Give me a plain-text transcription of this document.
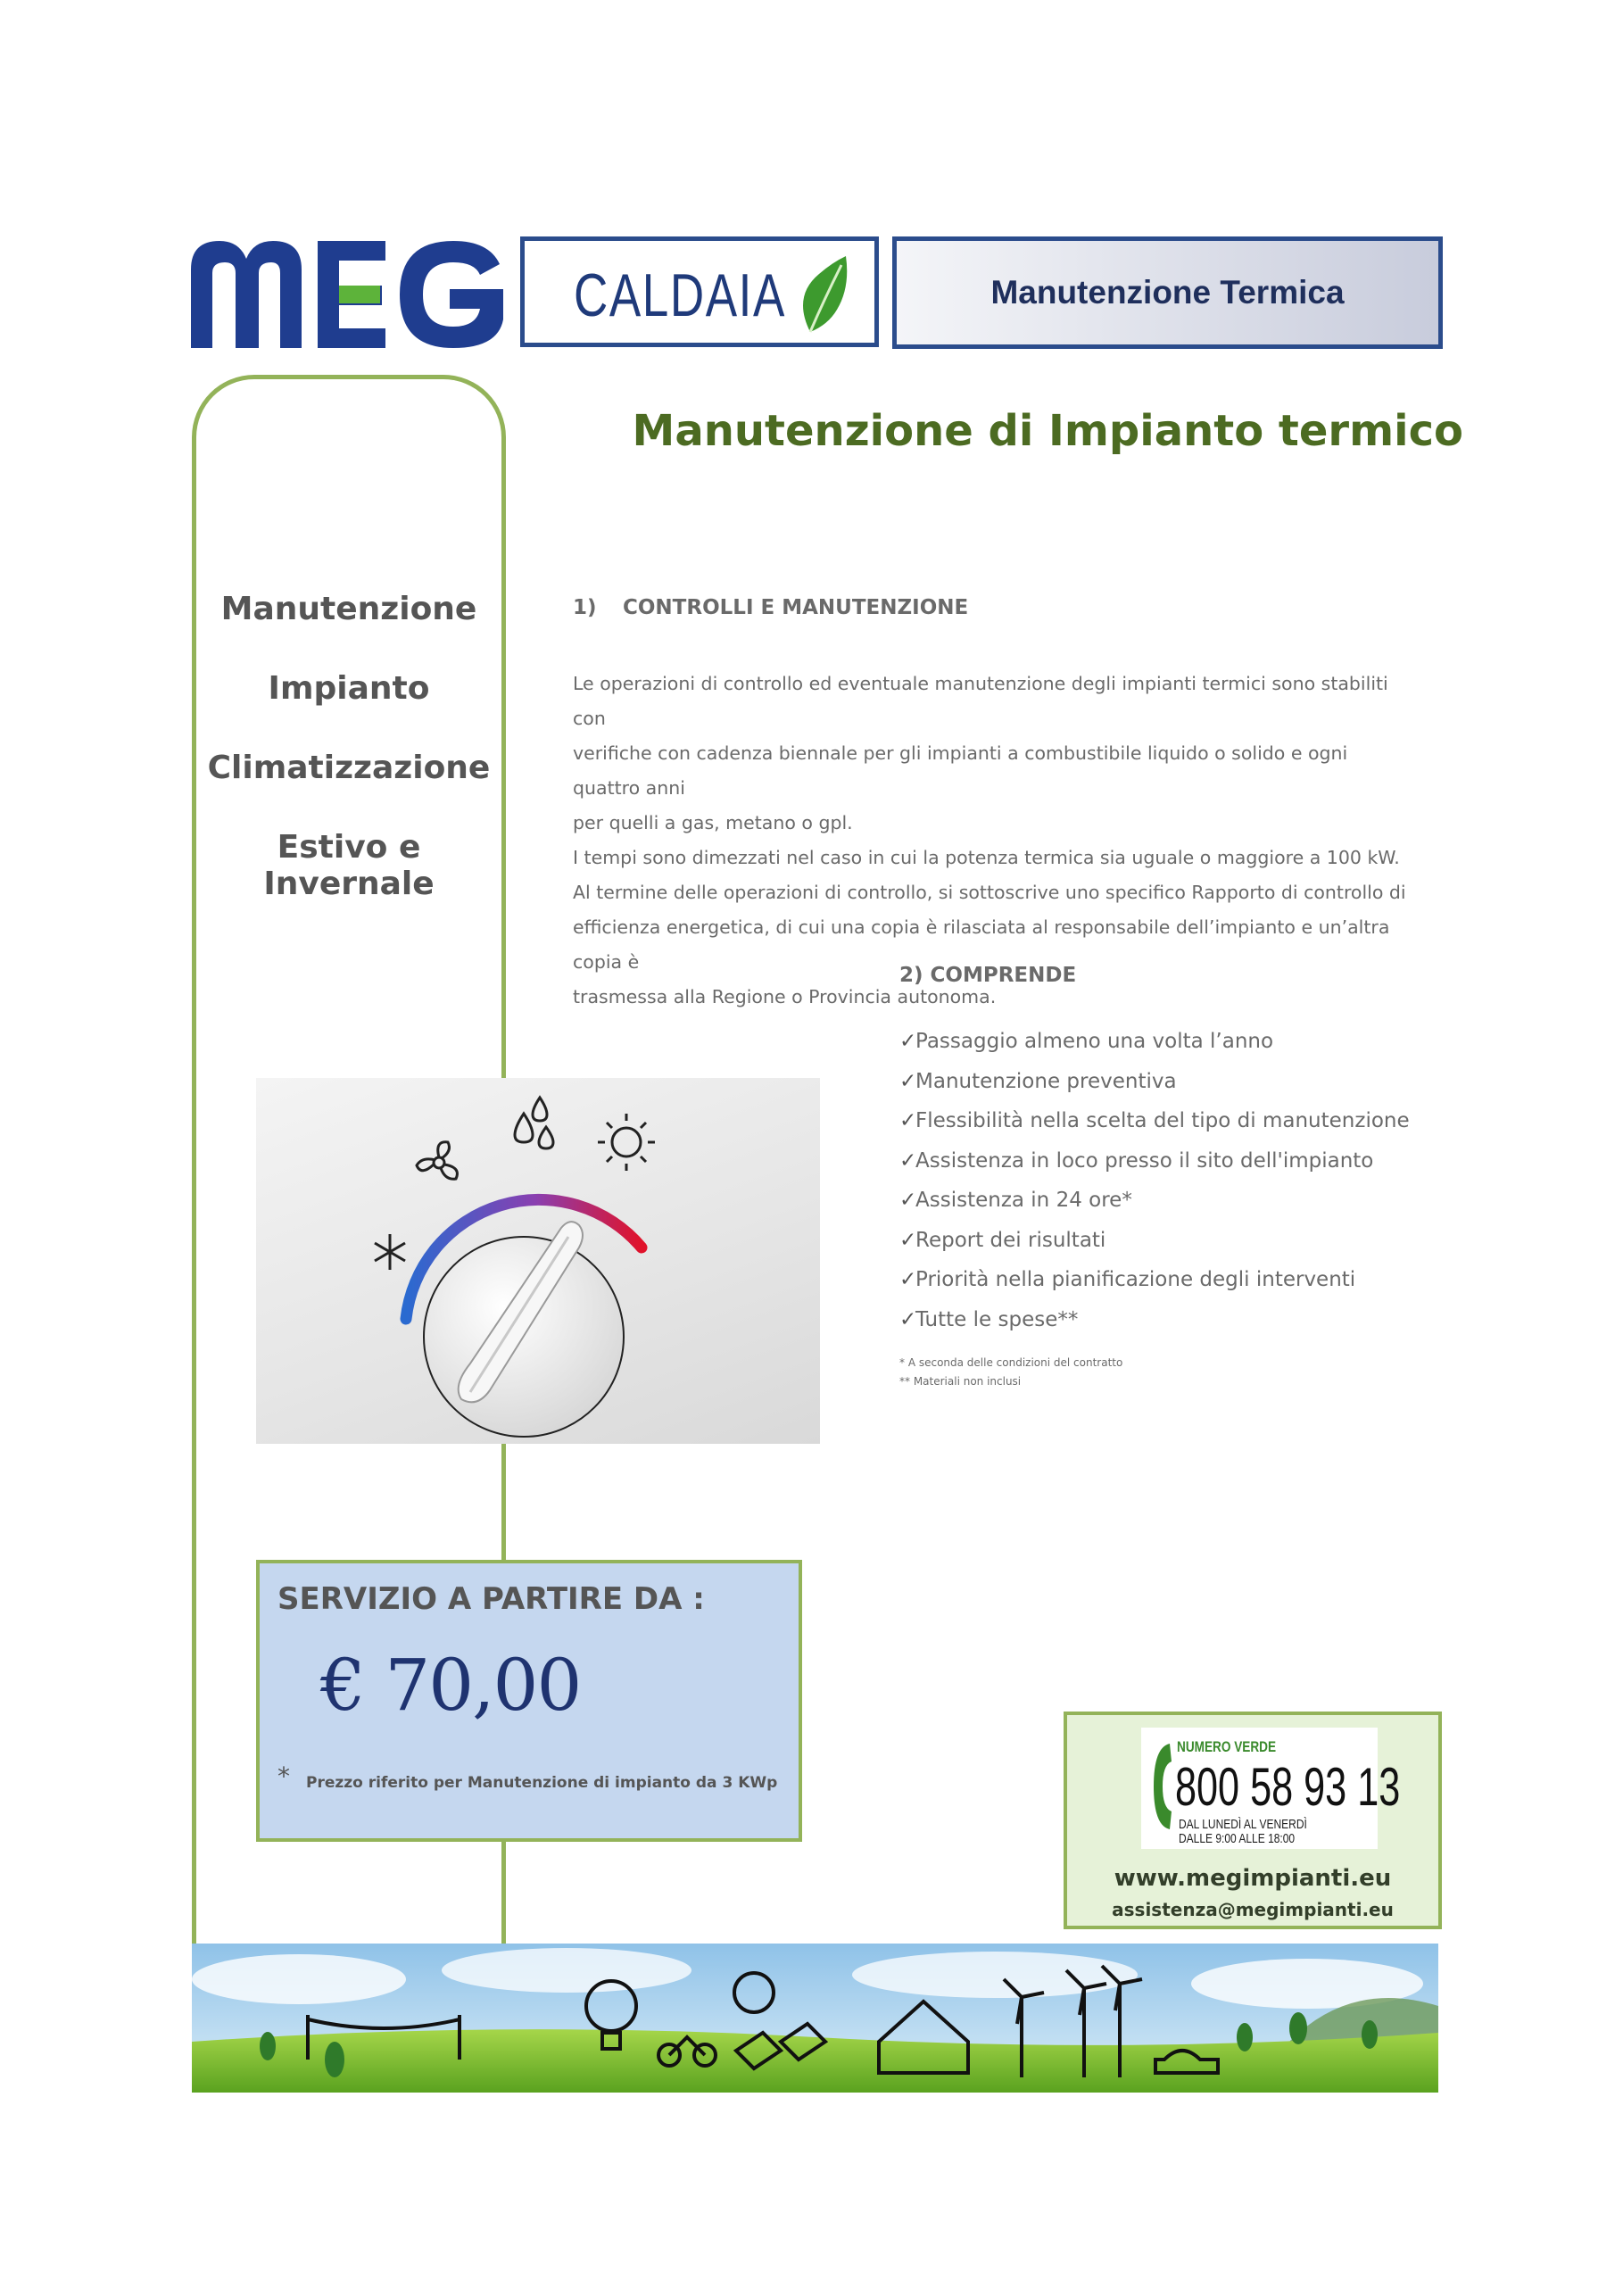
CALDAIA	Manutenzione Termica
Manutenzione di Impianto termico
Manutenzione
Impianto
Climatizzazione
Estivo e Invernale
1) CONTROLLI E MANUTENZIONE

Le operazioni di controllo ed eventuale manutenzione degli impianti termici sono stabiliti con

verifiche con cadenza biennale per gli impianti a combustibile liquido o solido e ogni quattro anni

per quelli a gas, metano o gpl.

I tempi sono dimezzati nel caso in cui la potenza termica sia uguale o maggiore a 100 kW.

Al termine delle operazioni di controllo, si sottoscrive uno specifico Rapporto di controllo di

efficienza energetica, di cui una copia è rilasciata al responsabile dell’impianto e un’altra copia è

trasmessa alla Regione o Provincia autonoma.

2) COMPRENDE
✓Passaggio almeno una volta l’anno
✓Manutenzione preventiva
✓Flessibilità nella scelta del tipo di manutenzione
✓Assistenza in loco presso il sito dell'impianto
✓Assistenza in 24 ore*
✓Report dei risultati
✓Priorità nella pianificazione degli interventi
✓Tutte le spese**
* A seconda delle condizioni del contratto
** Materiali non inclusi
SERVIZIO A PARTIRE DA :
€ 70,00
* Prezzo riferito per Manutenzione di impianto da 3 KWp
NUMERO VERDE
800 58 93 13
DAL LUNEDÌ AL VENERDÌ
DALLE 9:00 ALLE 18:00
www.megimpianti.eu
assistenza@megimpianti.eu
